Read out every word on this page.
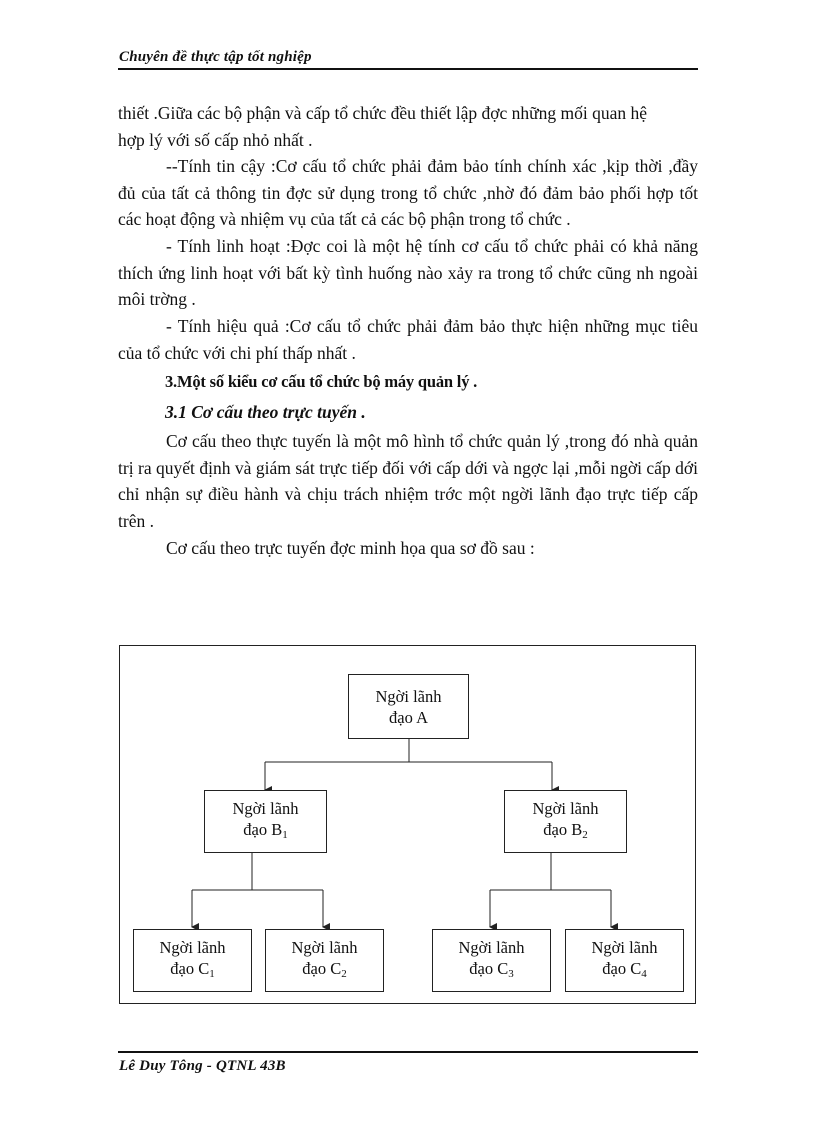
Chuyên đề thực tập tốt nghiệp

thiết .Giữa các bộ phận và cấp tổ chức đều thiết lập đợc những mối quan hệ
hợp lý với số cấp nhỏ nhất .

--Tính tin cậy :Cơ cấu tổ chức phải đảm bảo tính chính xác ,kịp thời ,đầy đủ của tất cả thông tin đợc sử dụng trong tổ chức ,nhờ đó đảm bảo phối hợp tốt các hoạt động và nhiệm vụ của tất cả các bộ phận trong tổ chức .

- Tính linh hoạt :Đợc coi là một hệ tính cơ cấu tổ chức phải có khả năng thích ứng linh hoạt với bất kỳ tình huống nào xảy ra trong tổ chức cũng nh ngoài môi trờng .

- Tính hiệu quả :Cơ cấu tổ chức phải đảm bảo thực hiện những mục tiêu của tổ chức với chi phí thấp nhất .

3.Một số kiểu cơ cấu tổ chức bộ máy quản lý .
3.1 Cơ cấu theo trực tuyến .

Cơ cấu theo thực tuyến là một mô hình tổ chức quản lý ,trong đó nhà quản trị ra quyết định và giám sát trực tiếp đối với cấp dới và ngợc lại ,mỗi ngời cấp dới chỉ nhận sự điều hành và chịu trách nhiệm trớc một ngời lãnh đạo trực tiếp cấp trên .

Cơ cấu theo trực tuyến đợc minh họa qua sơ đồ sau :

Ngời lãnh
đạo A
Ngời lãnh
đạo $B_1$
Ngời lãnh
đạo $B_2$
Ngời lãnh
đạo $C_1$
Ngời lãnh
đạo $C_2$
Ngời lãnh
đạo $C_3$
Ngời lãnh
đạo $C_4$
Lê Duy Tông - QTNL 43B
